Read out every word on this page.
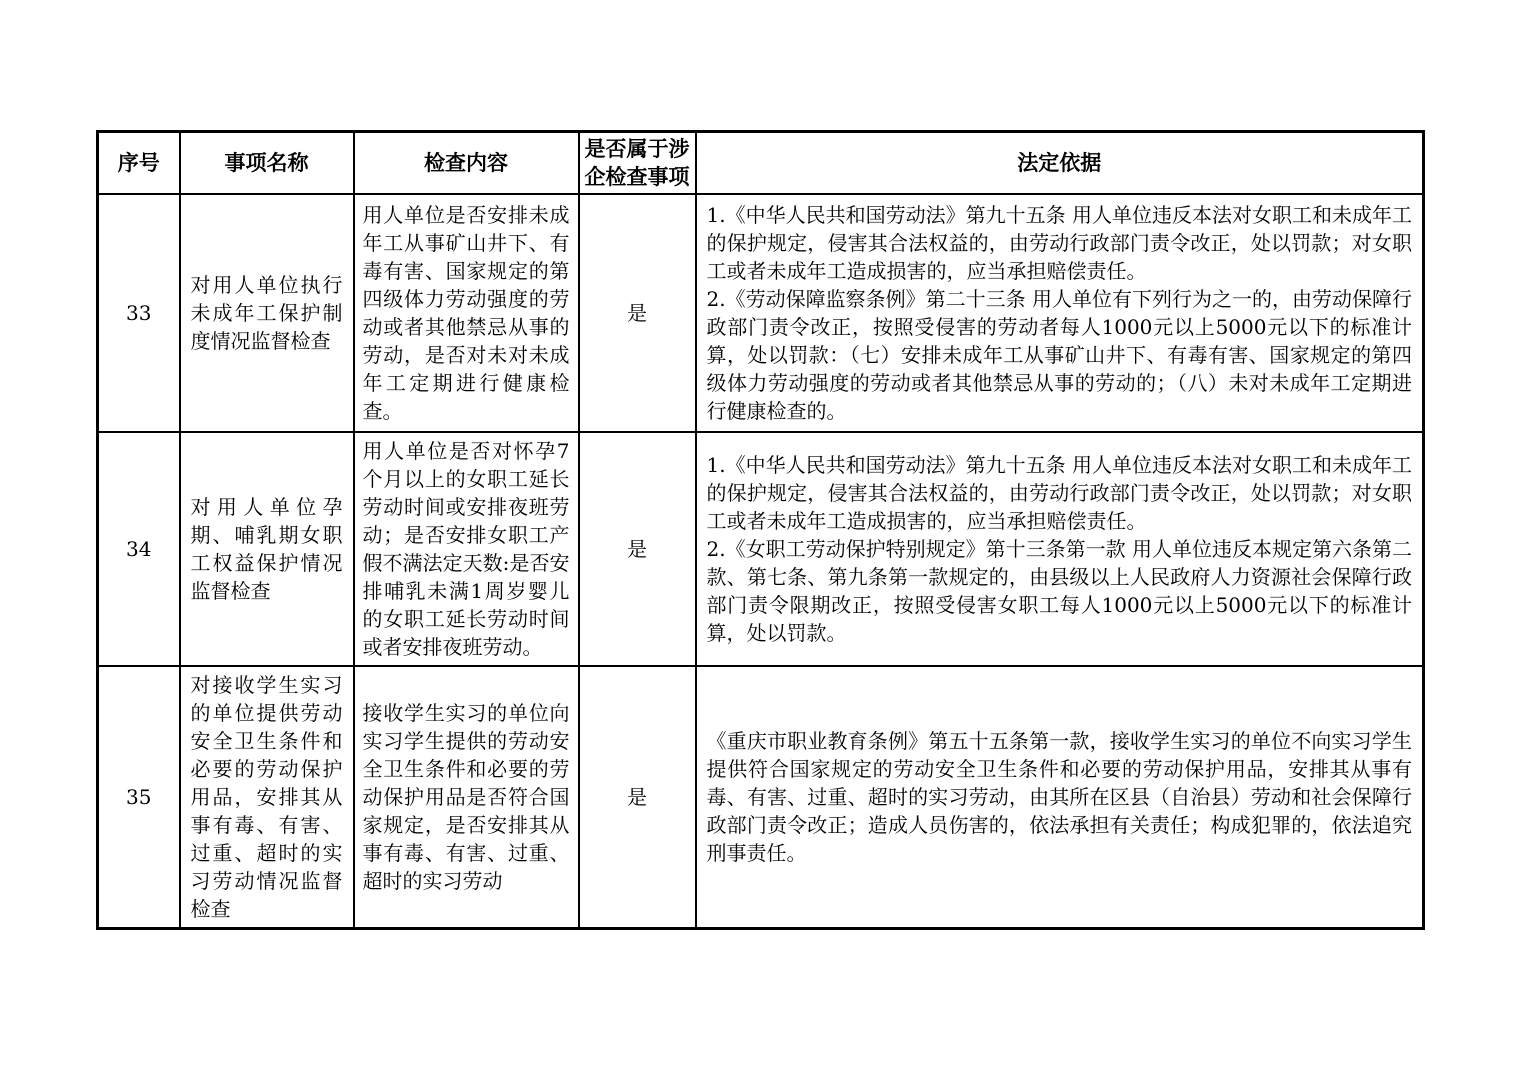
序号	事项名称	检查内容	是否属于涉企检查事项	法定依据
33	对用人单位执行未成年工保护制度情况监督检查	用人单位是否安排未成年工从事矿山井下、有毒有害、国家规定的第四级体力劳动强度的劳动或者其他禁忌从事的劳动，是否对未对未成年工定期进行健康检查。	是	1.《中华人民共和国劳动法》第九十五条 用人单位违反本法对女职工和未成年工的保护规定，侵害其合法权益的，由劳动行政部门责令改正，处以罚款；对女职工或者未成年工造成损害的，应当承担赔偿责任。

2.《劳动保障监察条例》第二十三条 用人单位有下列行为之一的，由劳动保障行政部门责令改正，按照受侵害的劳动者每人1000元以上5000元以下的标准计算，处以罚款：（七）安排未成年工从事矿山井下、有毒有害、国家规定的第四级体力劳动强度的劳动或者其他禁忌从事的劳动的；（八）未对未成年工定期进行健康检查的。

34	对用人单位孕期、哺乳期女职工权益保护情况监督检查	用人单位是否对怀孕7个月以上的女职工延长劳动时间或安排夜班劳动；是否安排女职工产假不满法定天数:是否安排哺乳未满1周岁婴儿的女职工延长劳动时间或者安排夜班劳动。	是	1.《中华人民共和国劳动法》第九十五条 用人单位违反本法对女职工和未成年工的保护规定，侵害其合法权益的，由劳动行政部门责令改正，处以罚款；对女职工或者未成年工造成损害的，应当承担赔偿责任。

2.《女职工劳动保护特别规定》第十三条第一款 用人单位违反本规定第六条第二款、第七条、第九条第一款规定的，由县级以上人民政府人力资源社会保障行政部门责令限期改正，按照受侵害女职工每人1000元以上5000元以下的标准计算，处以罚款。

35	对接收学生实习的单位提供劳动安全卫生条件和必要的劳动保护用品，安排其从事有毒、有害、过重、超时的实习劳动情况监督检查	接收学生实习的单位向实习学生提供的劳动安全卫生条件和必要的劳动保护用品是否符合国家规定，是否安排其从事有毒、有害、过重、超时的实习劳动	是	《重庆市职业教育条例》第五十五条第一款，接收学生实习的单位不向实习学生提供符合国家规定的劳动安全卫生条件和必要的劳动保护用品，安排其从事有毒、有害、过重、超时的实习劳动，由其所在区县（自治县）劳动和社会保障行政部门责令改正；造成人员伤害的，依法承担有关责任；构成犯罪的，依法追究刑事责任。
